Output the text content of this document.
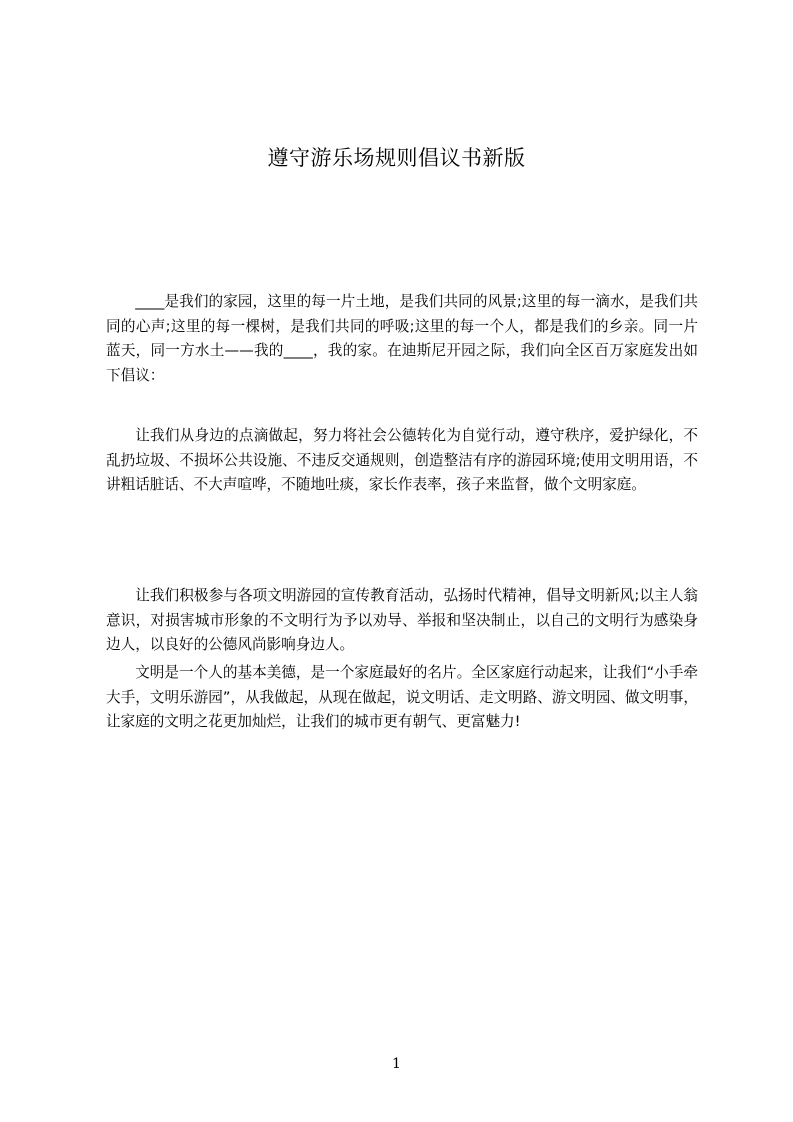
遵守游乐场规则倡议书新版

____是我们的家园，这里的每一片土地，是我们共同的风景;这里的每一滴水，是我们共同的心声;这里的每一棵树，是我们共同的呼吸;这里的每一个人，都是我们的乡亲。同一片蓝天，同一方水土——我的____，我的家。在迪斯尼开园之际，我们向全区百万家庭发出如下倡议：

让我们从身边的点滴做起，努力将社会公德转化为自觉行动，遵守秩序，爱护绿化，不乱扔垃圾、不损坏公共设施、不违反交通规则，创造整洁有序的游园环境;使用文明用语，不讲粗话脏话、不大声喧哗，不随地吐痰，家长作表率，孩子来监督，做个文明家庭。

让我们积极参与各项文明游园的宣传教育活动，弘扬时代精神，倡导文明新风;以主人翁意识，对损害城市形象的不文明行为予以劝导、举报和坚决制止，以自己的文明行为感染身边人，以良好的公德风尚影响身边人。

文明是一个人的基本美德，是一个家庭最好的名片。全区家庭行动起来，让我们“小手牵大手，文明乐游园”，从我做起，从现在做起，说文明话、走文明路、游文明园、做文明事，让家庭的文明之花更加灿烂，让我们的城市更有朝气、更富魅力!

1
